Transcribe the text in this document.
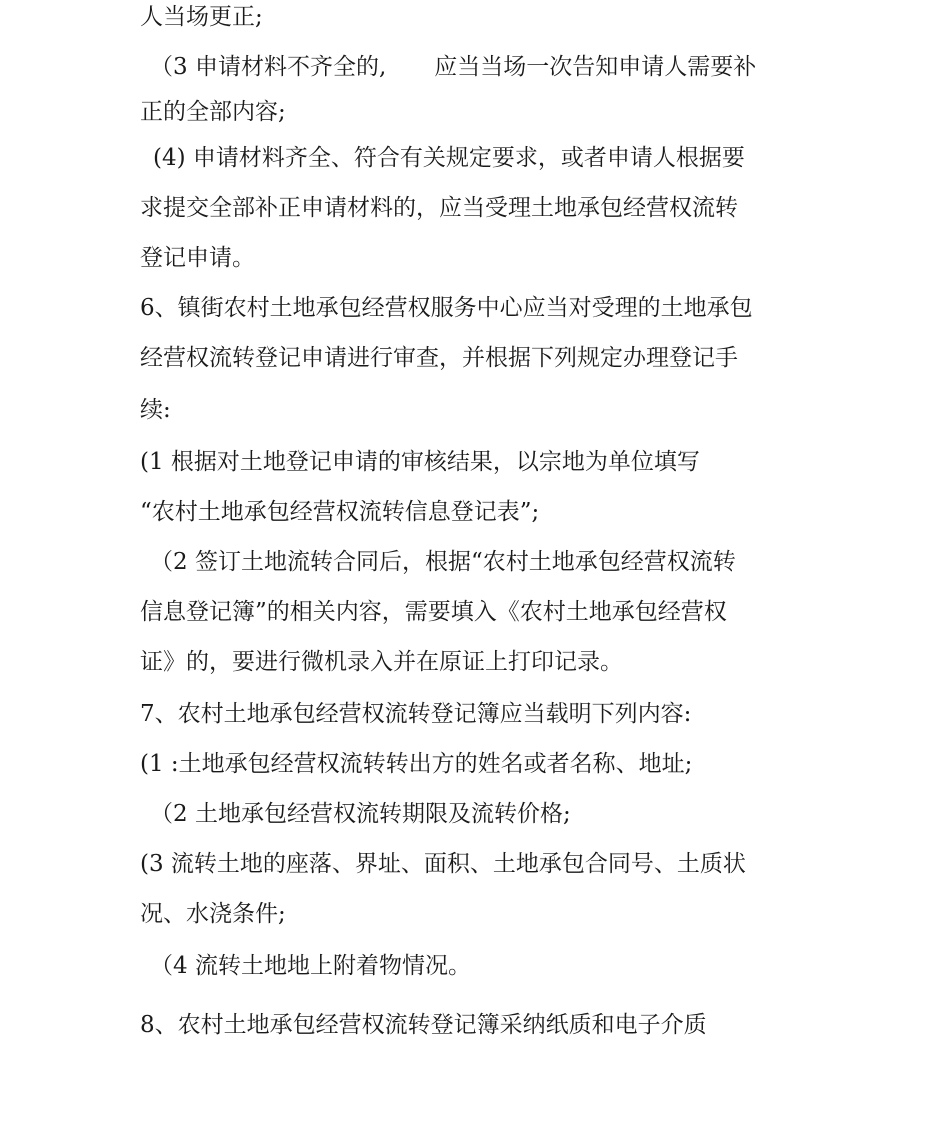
人当场更正;

（3 申请材料不齐全的, 应当当场一次告知申请人需要补

正的全部内容;

(4) 申请材料齐全、符合有关规定要求，或者申请人根据要

求提交全部补正申请材料的，应当受理土地承包经营权流转

登记申请。

6、镇街农村土地承包经营权服务中心应当对受理的土地承包

经营权流转登记申请进行审查，并根据下列规定办理登记手

续:

(1 根据对土地登记申请的审核结果，以宗地为单位填写

“农村土地承包经营权流转信息登记表”;

（2 签订土地流转合同后，根据“农村土地承包经营权流转

信息登记簿”的相关内容，需要填入《农村土地承包经营权

证》的，要进行微机录入并在原证上打印记录。

7、农村土地承包经营权流转登记簿应当载明下列内容:

(1 :土地承包经营权流转转出方的姓名或者名称、地址;

（2 土地承包经营权流转期限及流转价格;

(3 流转土地的座落、界址、面积、土地承包合同号、土质状

况、水浇条件;

（4 流转土地地上附着物情况。

8、农村土地承包经营权流转登记簿采纳纸质和电子介质
